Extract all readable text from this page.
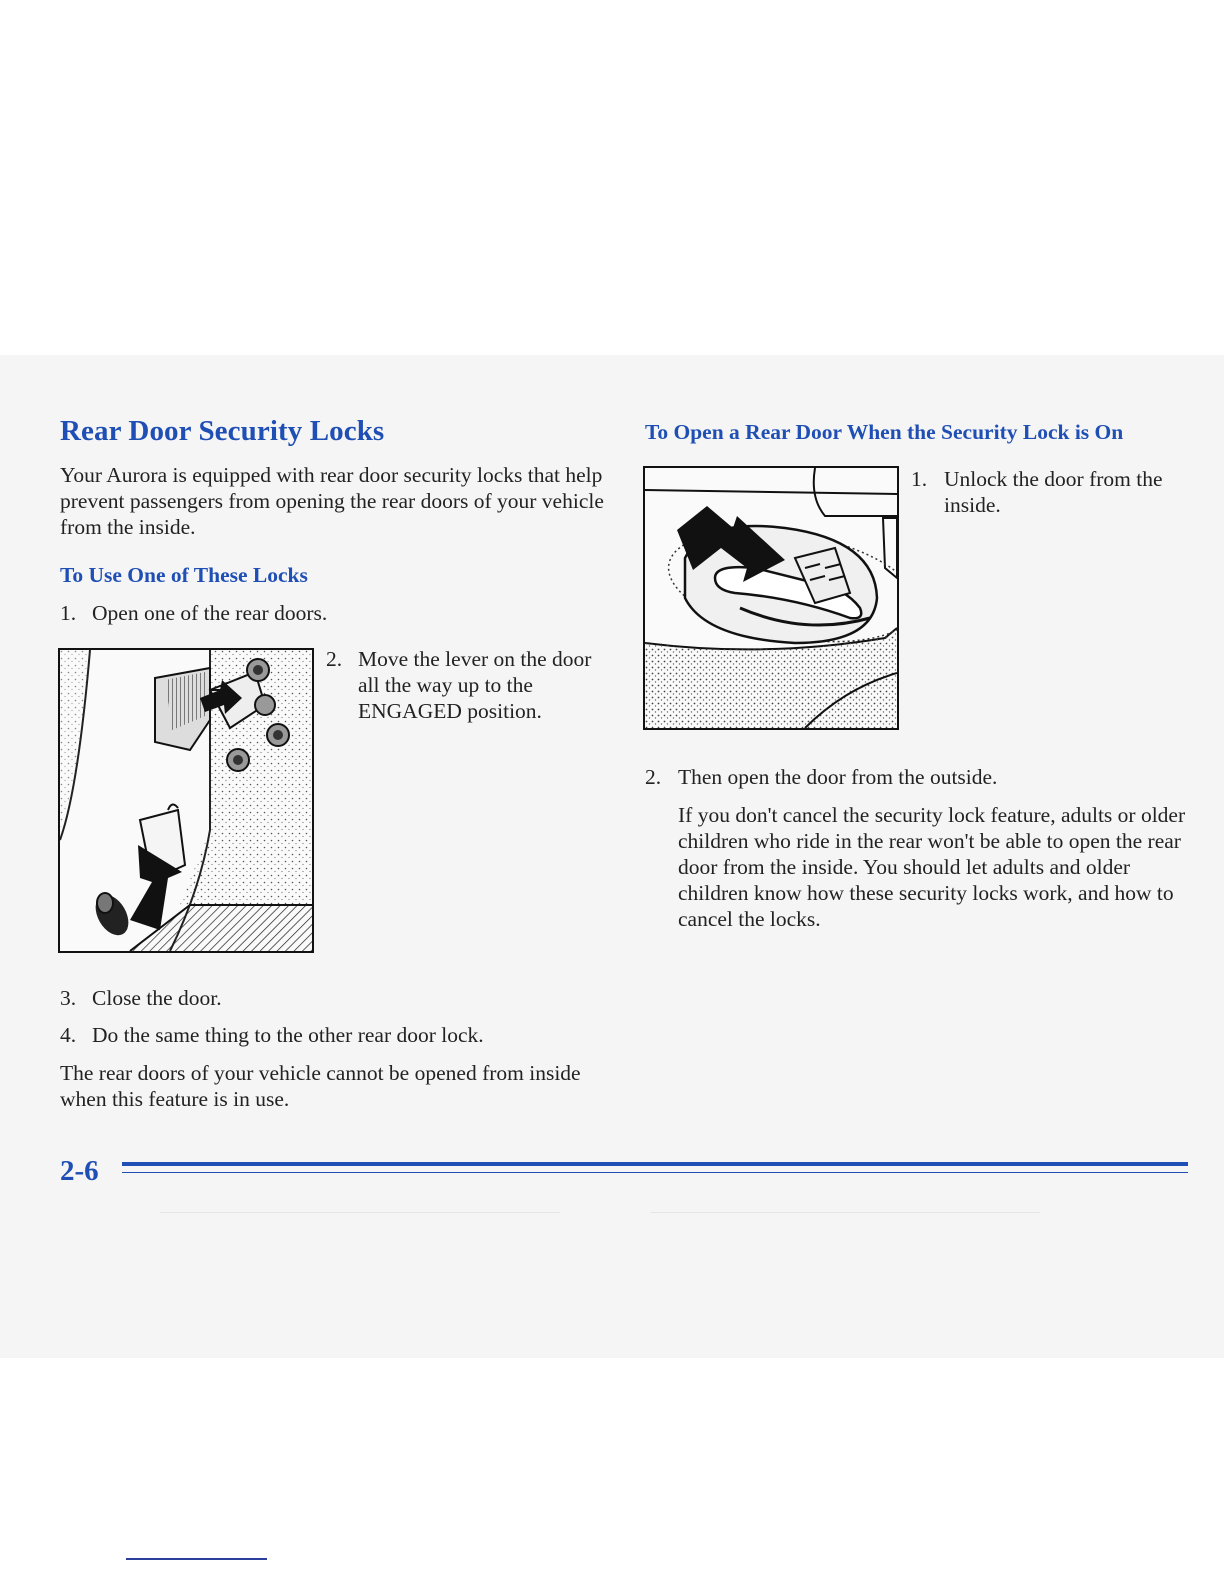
Rear Door Security Locks

Your Aurora is equipped with rear door security locks that help prevent passengers from opening the rear doors of your vehicle from the inside.

To Use One of These Locks
1. Open one of the rear doors.

2. Move the lever on the door all the way up to the ENGAGED position.

3. Close the door.

4. Do the same thing to the other rear door lock.

The rear doors of your vehicle cannot be opened from inside when this feature is in use.

To Open a Rear Door When the Security Lock is On
1. Unlock the door from the inside.

2. Then open the door from the outside.

If you don't cancel the security lock feature, adults or older children who ride in the rear won't be able to open the rear door from the inside. You should let adults and older children know how these security locks work, and how to cancel the locks.

2-6
